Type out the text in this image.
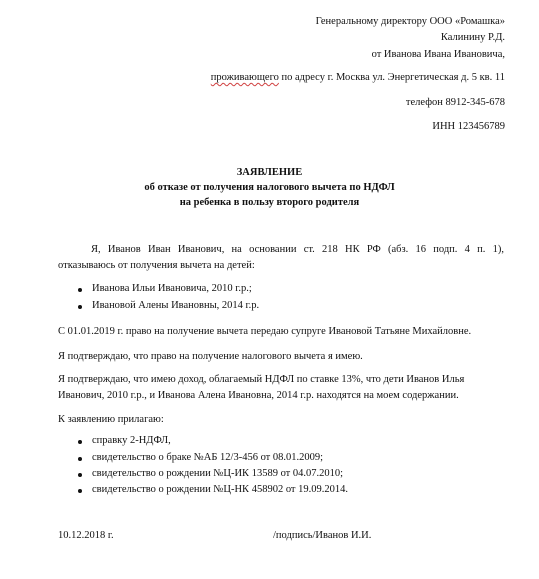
Генеральному директору ООО «Ромашка»
Калинину Р.Д.
от Иванова Ивана Ивановича,
проживающего по адресу г. Москва ул. Энергетическая д. 5 кв. 11
телефон 8912-345-678
ИНН 123456789
ЗАЯВЛЕНИЕ
об отказе от получения налогового вычета по НДФЛ
на ребенка в пользу второго родителя
Я, Иванов Иван Иванович, на основании ст. 218 НК РФ (абз. 16 подп. 4 п. 1),
отказываюсь от получения вычета на детей:
Иванова Ильи Ивановича, 2010 г.р.;
Ивановой Алены Ивановны, 2014 г.р.
С 01.01.2019 г. право на получение вычета передаю супруге Ивановой Татьяне Михайловне.
Я подтверждаю, что право на получение налогового вычета я имею.
Я подтверждаю, что имею доход, облагаемый НДФЛ по ставке 13%, что дети Иванов Илья
Иванович, 2010 г.р., и Иванова Алена Ивановна, 2014 г.р. находятся на моем содержании.
К заявлению прилагаю:
справку 2-НДФЛ,
свидетельство о браке №АБ 12/3-456 от 08.01.2009;
свидетельство о рождении №Ц-ИК 13589 от 04.07.2010;
свидетельство о рождении №Ц-НК 458902 от 19.09.2014.
10.12.2018 г.	/подпись/Иванов И.И.
